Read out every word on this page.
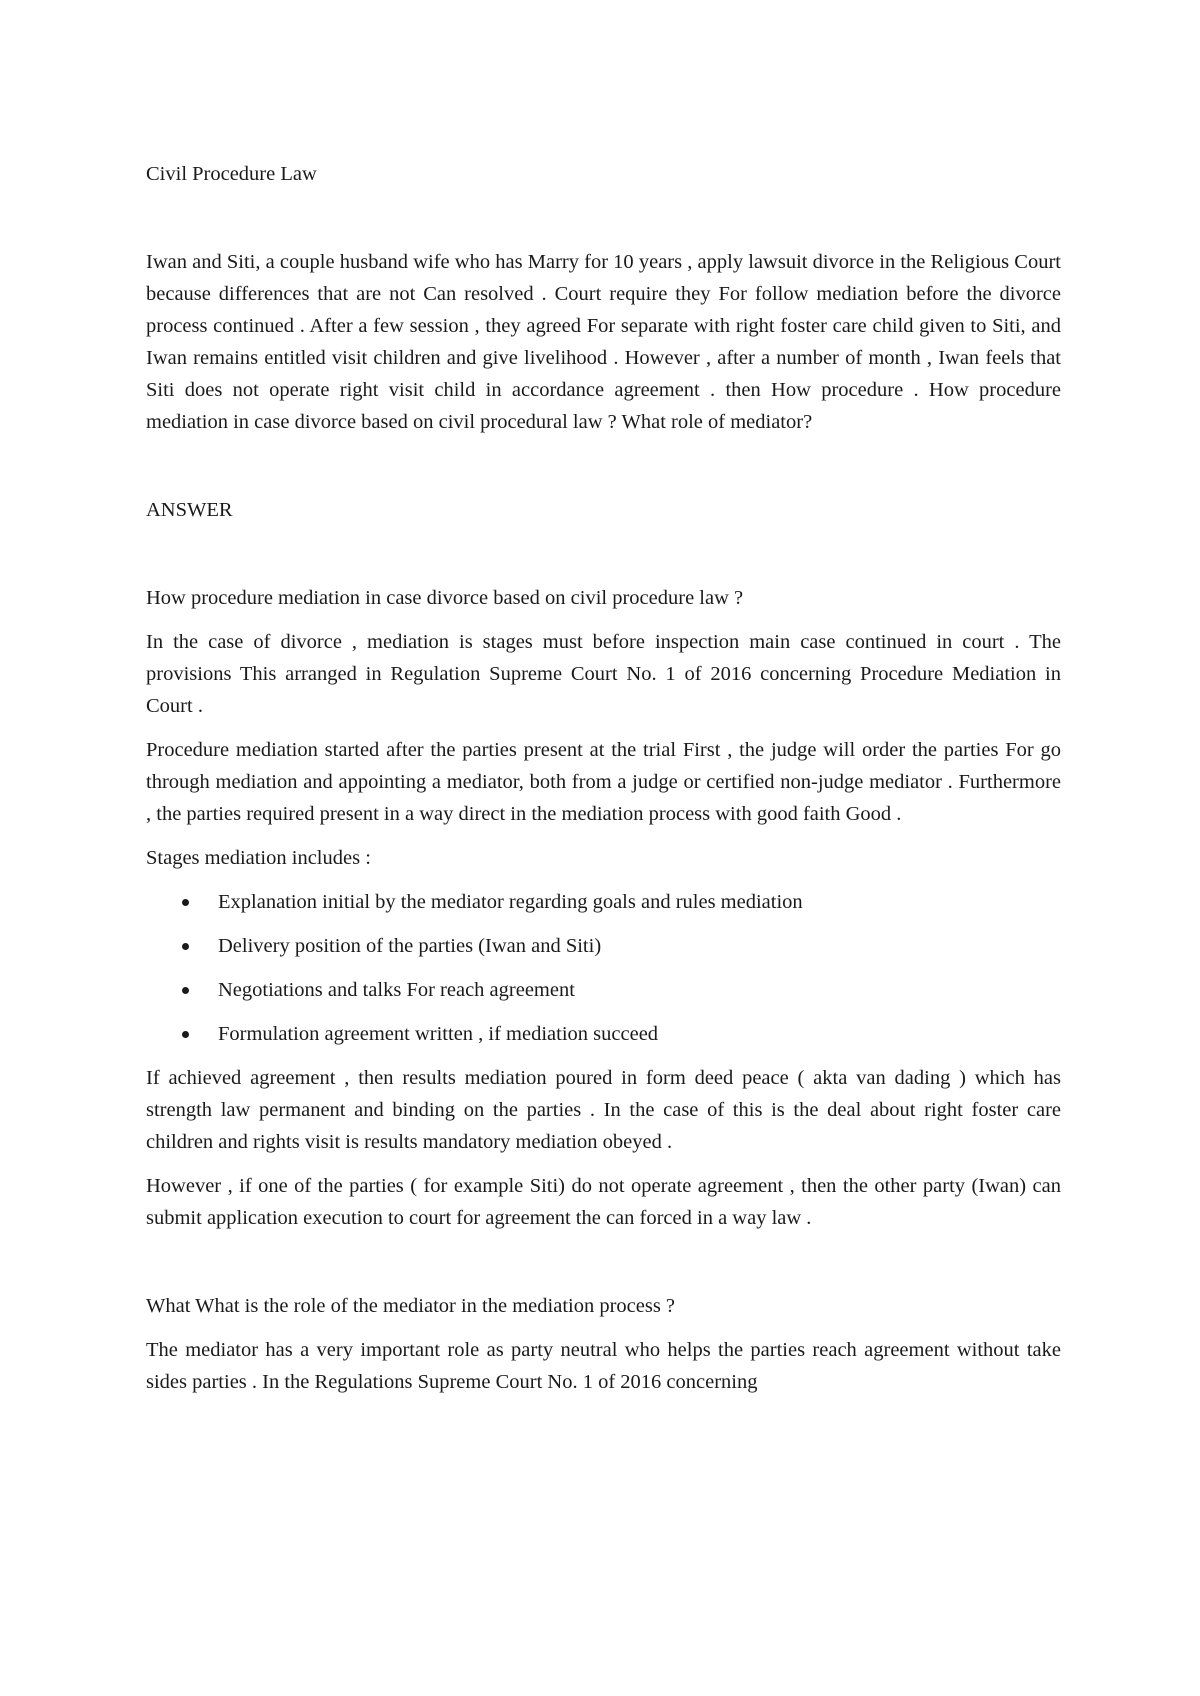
Civil Procedure Law

Iwan and Siti, a couple husband wife who has Marry for 10 years , apply lawsuit divorce in the Religious Court because differences that are not Can resolved . Court require they For follow mediation before the divorce process continued . After a few session , they agreed For separate with right foster care child given to Siti, and Iwan remains entitled visit children and give livelihood . However , after a number of month , Iwan feels that Siti does not operate right visit child in accordance agreement . then How procedure . How procedure mediation in case divorce based on civil procedural law ? What role of mediator?

ANSWER

How procedure mediation in case divorce based on civil procedure law ?

In the case of divorce , mediation is stages must before inspection main case continued in court . The provisions This arranged in Regulation Supreme Court No. 1 of 2016 concerning Procedure Mediation in Court .

Procedure mediation started after the parties present at the trial First , the judge will order the parties For go through mediation and appointing a mediator, both from a judge or certified non-judge mediator . Furthermore , the parties required present in a way direct in the mediation process with good faith Good .

Stages mediation includes :

Explanation initial by the mediator regarding goals and rules mediation
Delivery position of the parties (Iwan and Siti)
Negotiations and talks For reach agreement
Formulation agreement written , if mediation succeed

If achieved agreement , then results mediation poured in form deed peace ( akta van dading ) which has strength law permanent and binding on the parties . In the case of this is the deal about right foster care children and rights visit is results mandatory mediation obeyed .

However , if one of the parties ( for example Siti) do not operate agreement , then the other party (Iwan) can submit application execution to court for agreement the can forced in a way law .

What What is the role of the mediator in the mediation process ?

The mediator has a very important role as party neutral who helps the parties reach agreement without take sides parties . In the Regulations Supreme Court No. 1 of 2016 concerning
